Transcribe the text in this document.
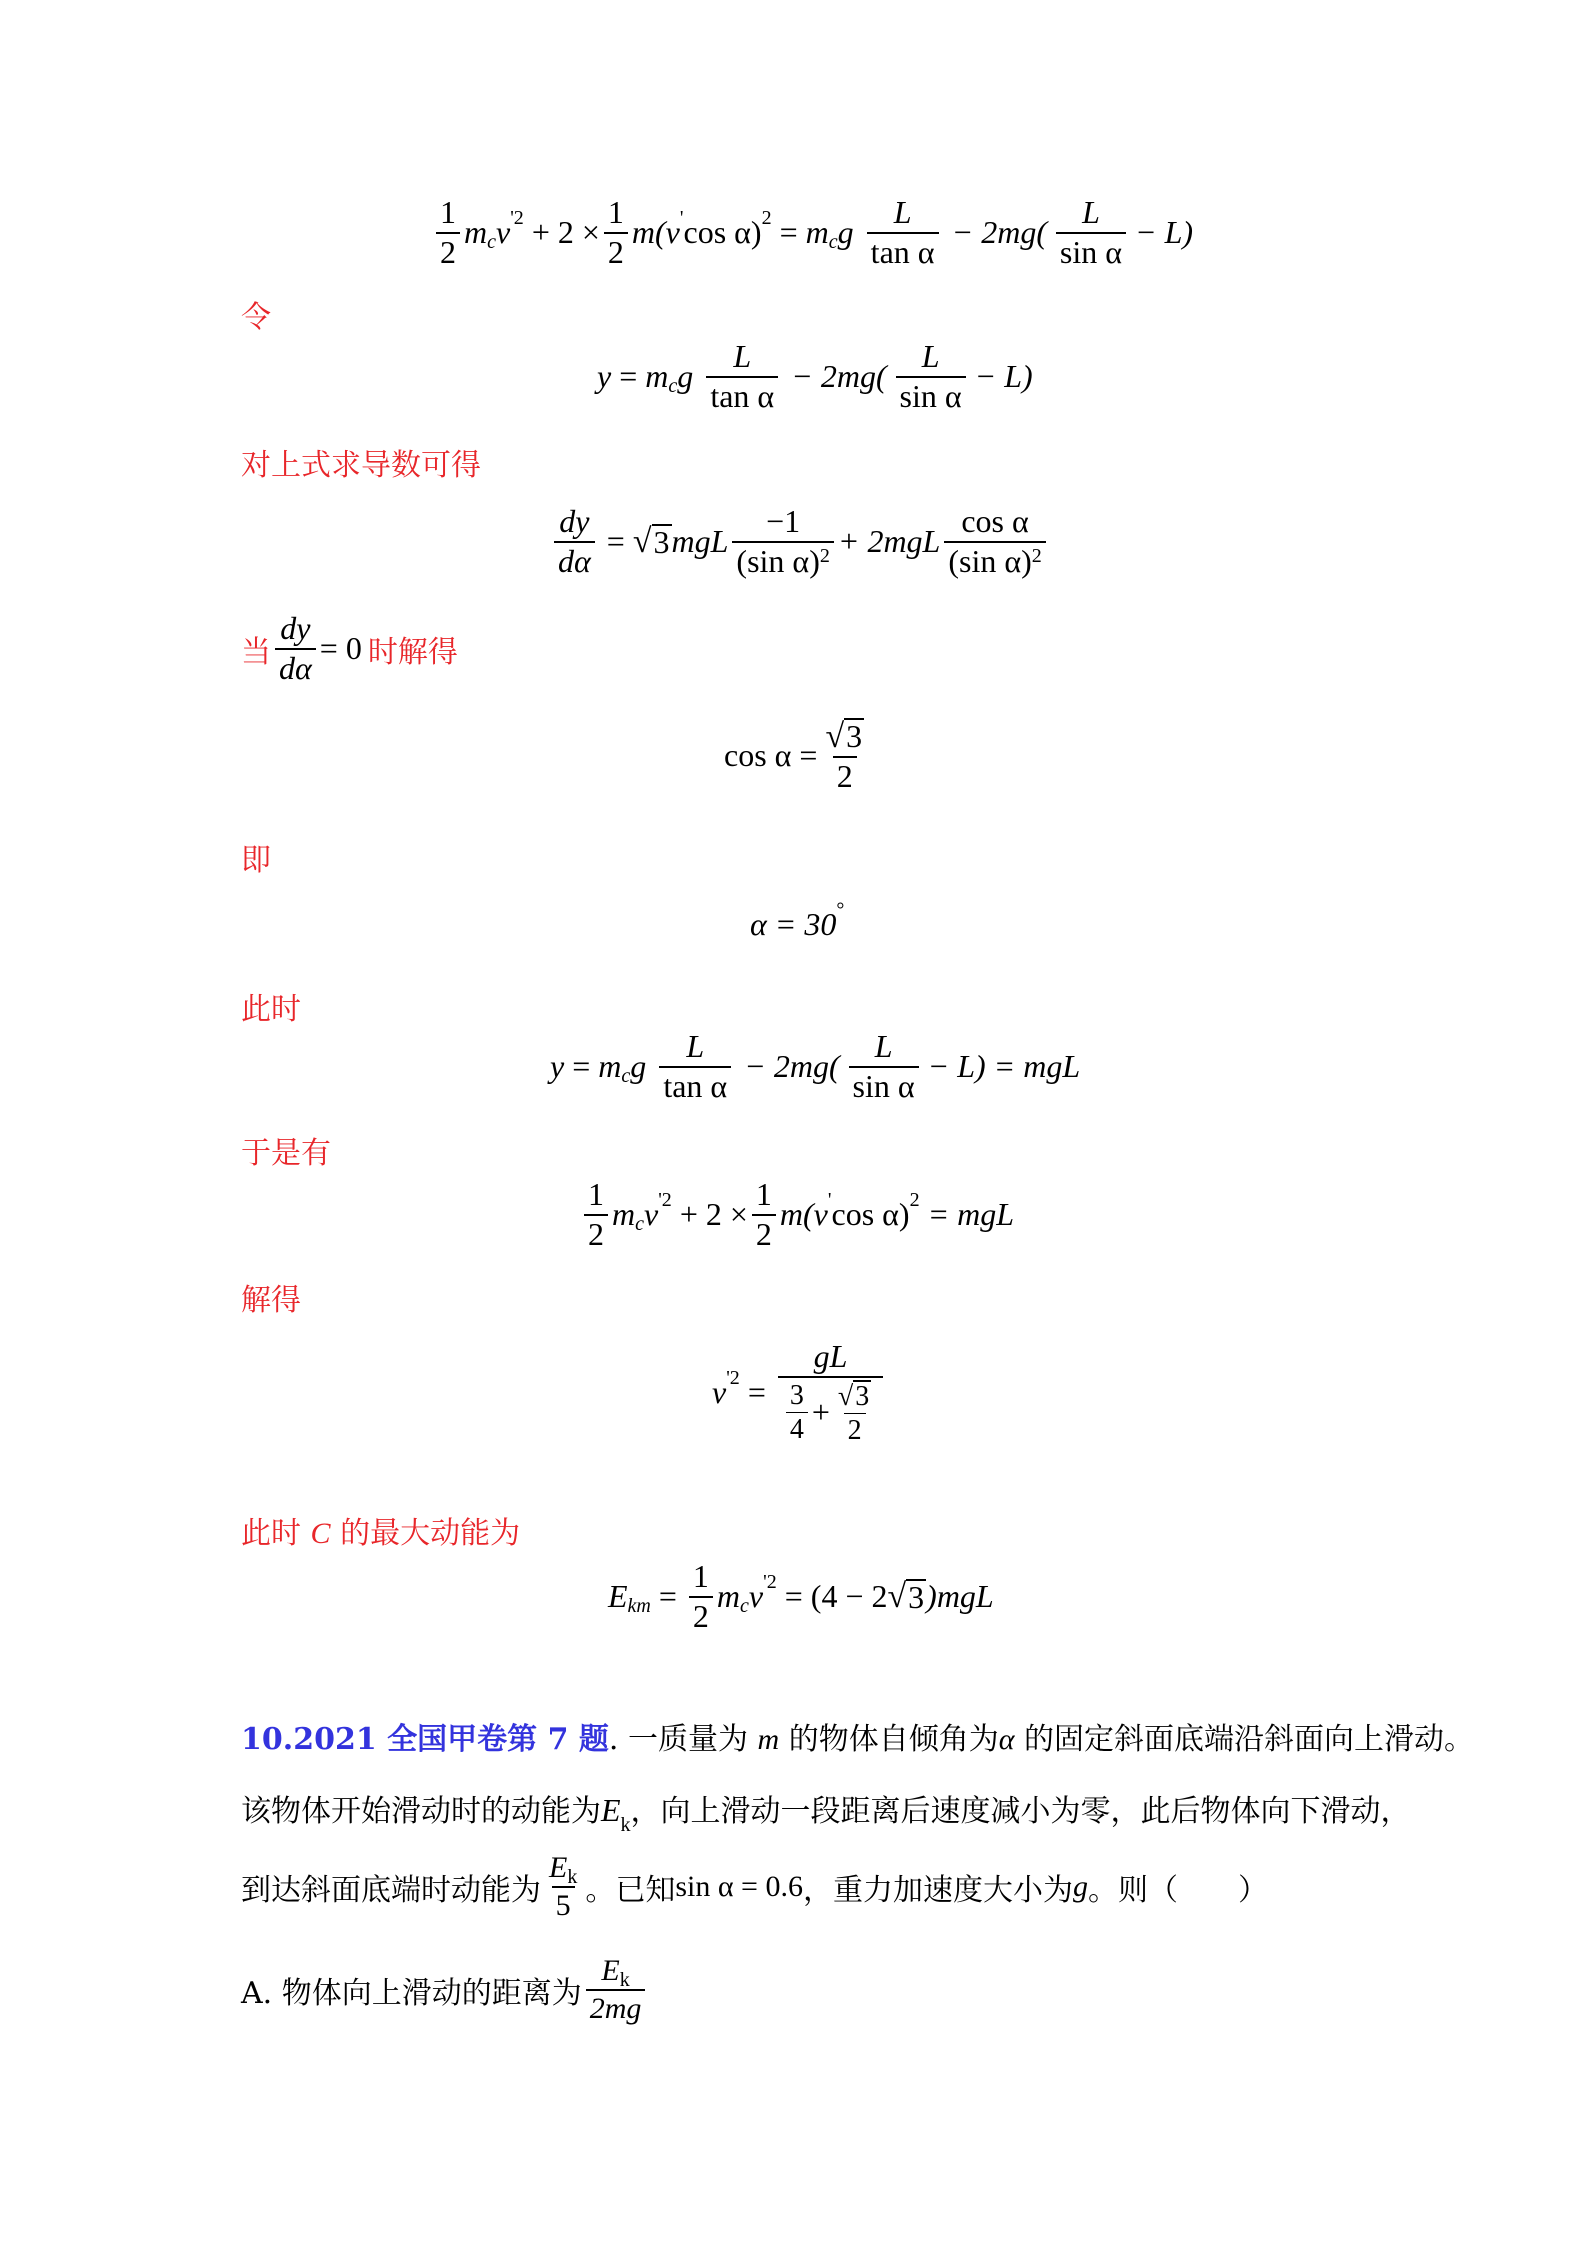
$\frac{1}{2}$ m c v '$2 + 2 \times \frac{1}{2} m$( v ' cos α) 2 = m c g $\frac{L}{\text{tan α}} - 2mg( \frac{L}{\text{sin α}} - L)$
令
y = m c g $\frac{L}{\text{tan α}} - 2mg( \frac{L}{\text{sin α}} - L)$
对上式求导数可得
$\frac{dy}{d\alpha}$ = √ 3 mgL $\frac{-1}{(\sin \alpha)^2} + 2mgL \frac{\text{cos α}}{(\sin \alpha)^2}$
当 $\frac{dy}{d\alpha} = 0$ 时解得
$\cos \alpha = \frac{√ 3}{2}$
即
α = 30 °
此时
y = m c g $\frac{L}{\text{tan α}} - 2mg( \frac{L}{\text{sin α}} - L)$ = mgL
于是有
$\frac{1}{2}$ m c v '$2 + 2 \times \frac{1}{2} m$( v ' cos α) 2 = mgL
解得
v '$2 = \frac{gL}{\frac{3}{4} + \frac{√ 3}{2}}$
此时 C 的最大动能为
E km = $\frac{1}{2}$ m c v '2 = (4 − 2 √ 3 )mgL
10.2021 全国甲卷第 7 题. 一质量为 m 的物体自倾角为α 的固定斜面底端沿斜面向上滑动。
该物体开始滑动时的动能为$E_k$，向上滑动一段距离后速度减小为零，此后物体向下滑动，
到达斜面底端时动能为 $\frac{E_k}{5}$ 。已知 sin α = 0.6 ，重力加速度大小为 g 。则（　　）
A. 物体向上滑动的距离为 $\frac{E_k}{2mg}$
